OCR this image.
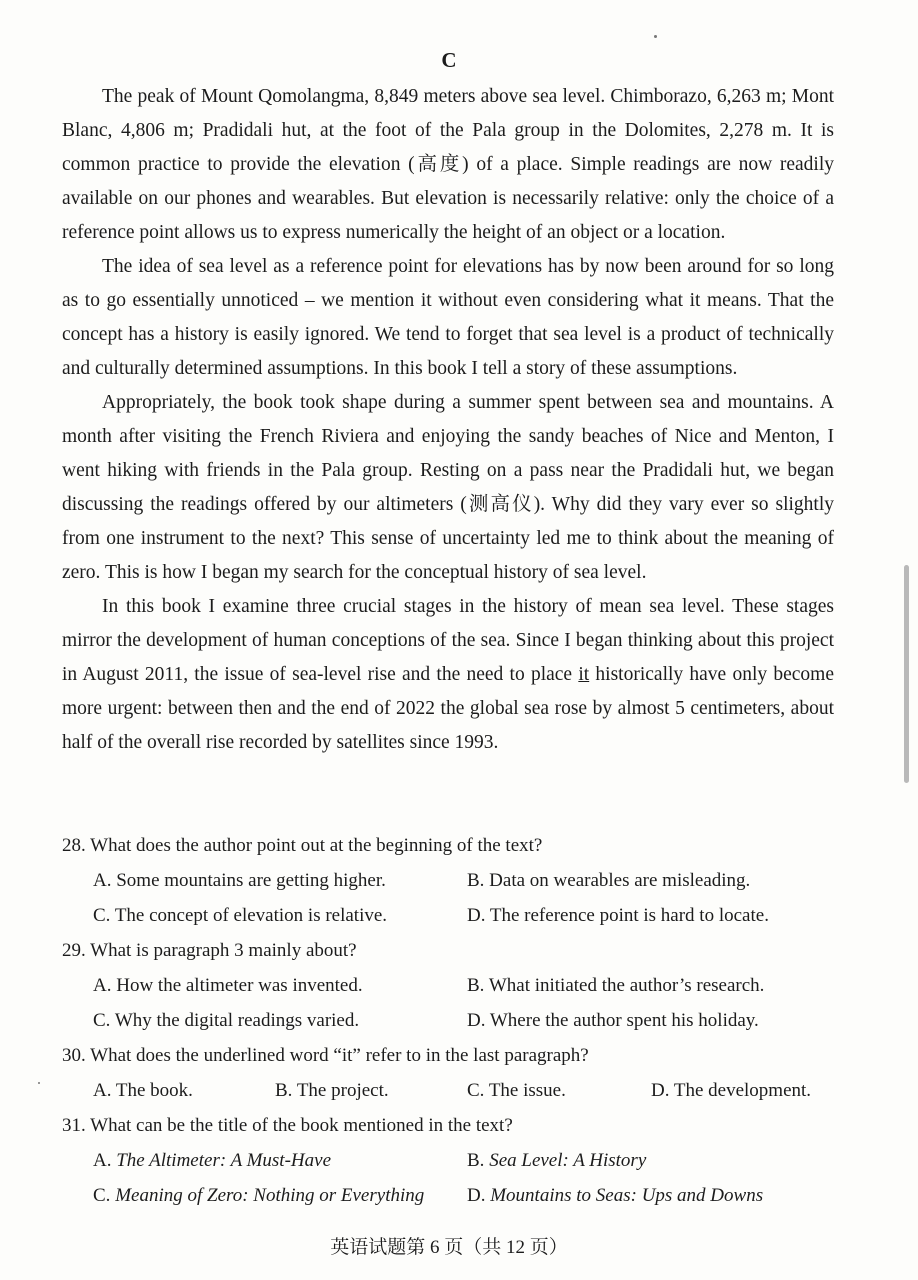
C

The peak of Mount Qomolangma, 8,849 meters above sea level. Chimborazo, 6,263 m; Mont Blanc, 4,806 m; Pradidali hut, at the foot of the Pala group in the Dolomites, 2,278 m. It is common practice to provide the elevation (高度) of a place. Simple readings are now readily available on our phones and wearables. But elevation is necessarily relative: only the choice of a reference point allows us to express numerically the height of an object or a location.

The idea of sea level as a reference point for elevations has by now been around for so long as to go essentially unnoticed – we mention it without even considering what it means. That the concept has a history is easily ignored. We tend to forget that sea level is a product of technically and culturally determined assumptions. In this book I tell a story of these assumptions.

Appropriately, the book took shape during a summer spent between sea and mountains. A month after visiting the French Riviera and enjoying the sandy beaches of Nice and Menton, I went hiking with friends in the Pala group. Resting on a pass near the Pradidali hut, we began discussing the readings offered by our altimeters (测高仪). Why did they vary ever so slightly from one instrument to the next? This sense of uncertainty led me to think about the meaning of zero. This is how I began my search for the conceptual history of sea level.

In this book I examine three crucial stages in the history of mean sea level. These stages mirror the development of human conceptions of the sea. Since I began thinking about this project in August 2011, the issue of sea-level rise and the need to place it historically have only become more urgent: between then and the end of 2022 the global sea rose by almost 5 centimeters, about half of the overall rise recorded by satellites since 1993.

28. What does the author point out at the beginning of the text?

A. Some mountains are getting higher.	B. Data on wearables are misleading.
C. The concept of elevation is relative.	D. The reference point is hard to locate.

29. What is paragraph 3 mainly about?

A. How the altimeter was invented.	B. What initiated the author’s research.
C. Why the digital readings varied.	D. Where the author spent his holiday.

30. What does the underlined word “it” refer to in the last paragraph?

A. The book.	B. The project.	C. The issue.	D. The development.

31. What can be the title of the book mentioned in the text?

A. The Altimeter: A Must-Have	B. Sea Level: A History
C. Meaning of Zero: Nothing or Everything	D. Mountains to Seas: Ups and Downs
英语试题第 6 页（共 12 页）
